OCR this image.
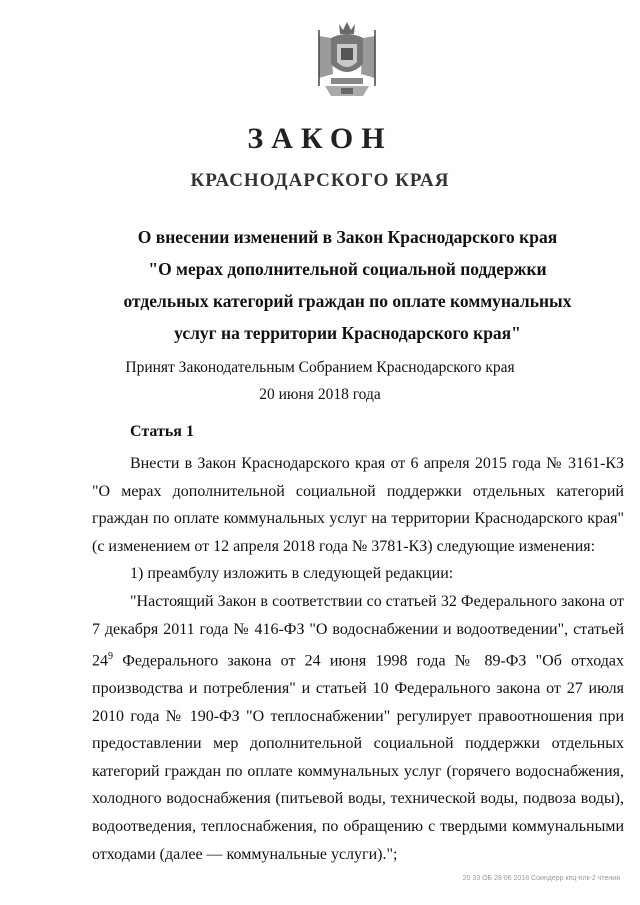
ЗАКОН
КРАСНОДАРСКОГО КРАЯ
О внесении изменений в Закон Краснодарского края
"О мерах дополнительной социальной поддержки
отдельных категорий граждан по оплате коммунальных
услуг на территории Краснодарского края"
Принят Законодательным Собранием Краснодарского края
20 июня 2018 года
Статья 1

Внести в Закон Краснодарского края от 6 апреля 2015 года № 3161-КЗ "О мерах дополнительной социальной поддержки отдельных категорий граждан по оплате коммунальных услуг на территории Краснодарского края" (с изменением от 12 апреля 2018 года № 3781-КЗ) следующие изменения:

1) преамбулу изложить в следующей редакции:

"Настоящий Закон в соответствии со статьей 32 Федерального закона от 7 декабря 2011 года № 416-ФЗ "О водоснабжении и водоотведении", статьей $24^9$ Федерального закона от 24 июня 1998 года № 89-ФЗ "Об отходах производства и потребления" и статьей 10 Федерального закона от 27 июля 2010 года № 190-ФЗ "О теплоснабжении" регулирует правоотношения при предоставлении мер дополнительной социальной поддержки отдельных категорий граждан по оплате коммунальных услуг (горячего водоснабжения, холодного водоснабжения (питьевой воды, технической воды, подвоза воды), водоотведения, теплоснабжения, по обращению с твердыми коммунальными отходами (далее — коммунальные услуги).";

20 33 ОБ 28 06 2018 Соиндерр кпц-плк-2 чтения
